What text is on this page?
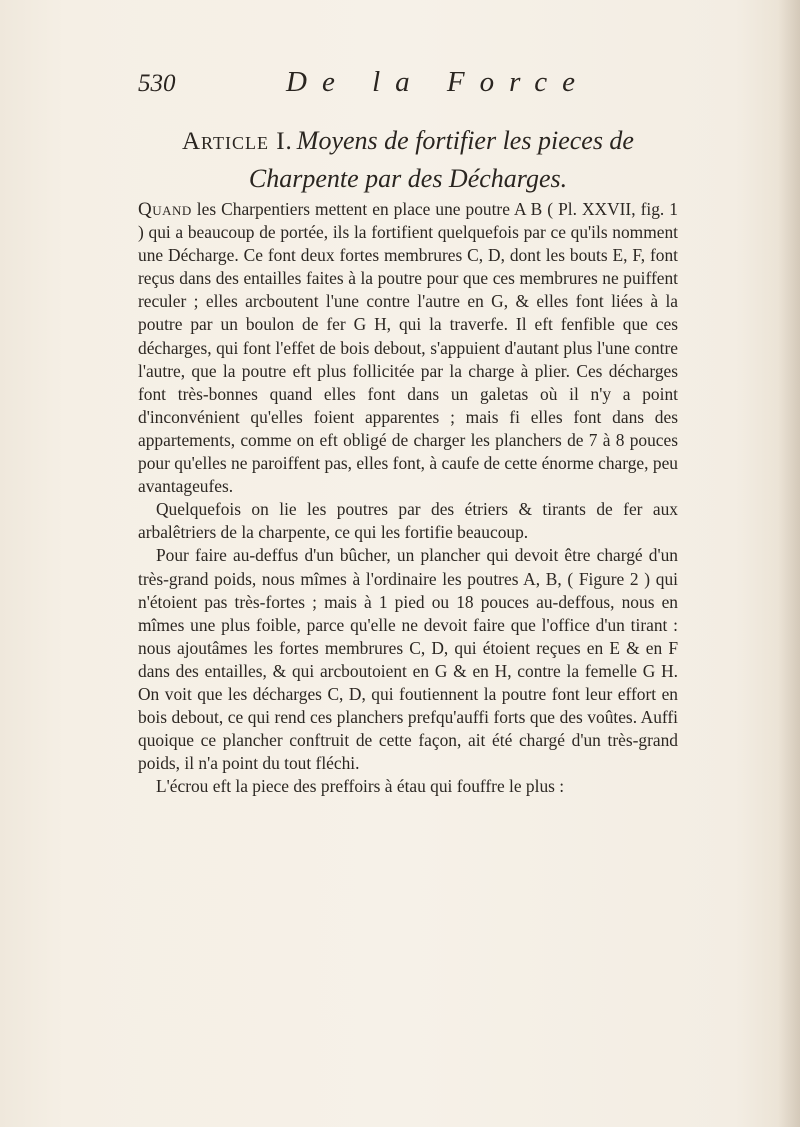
530	De la Force
Article I. Moyens de fortifier les pieces de Charpente par des Décharges.

Quand les Charpentiers mettent en place une poutre A B ( Pl. XXVII, fig. 1 ) qui a beaucoup de portée, ils la fortifient quelquefois par ce qu'ils nomment une Décharge. Ce font deux fortes membrures C, D, dont les bouts E, F, font reçus dans des entailles faites à la poutre pour que ces membrures ne puiffent reculer ; elles arcboutent l'une contre l'autre en G, & elles font liées à la poutre par un boulon de fer G H, qui la traverfe. Il eft fenfible que ces décharges, qui font l'effet de bois debout, s'appuient d'autant plus l'une contre l'autre, que la poutre eft plus follicitée par la charge à plier. Ces décharges font très-bonnes quand elles font dans un galetas où il n'y a point d'inconvénient qu'elles foient apparentes ; mais fi elles font dans des appartements, comme on eft obligé de charger les planchers de 7 à 8 pouces pour qu'elles ne paroiffent pas, elles font, à caufe de cette énorme charge, peu avantageufes.

Quelquefois on lie les poutres par des étriers & tirants de fer aux arbalêtriers de la charpente, ce qui les fortifie beaucoup.

Pour faire au-deffus d'un bûcher, un plancher qui devoit être chargé d'un très-grand poids, nous mîmes à l'ordinaire les poutres A, B, ( Figure 2 ) qui n'étoient pas très-fortes ; mais à 1 pied ou 18 pouces au-deffous, nous en mîmes une plus foible, parce qu'elle ne devoit faire que l'office d'un tirant : nous ajoutâmes les fortes membrures C, D, qui étoient reçues en E & en F dans des entailles, & qui arcboutoient en G & en H, contre la femelle G H. On voit que les décharges C, D, qui foutiennent la poutre font leur effort en bois debout, ce qui rend ces planchers prefqu'auffi forts que des voûtes. Auffi quoique ce plancher conftruit de cette façon, ait été chargé d'un très-grand poids, il n'a point du tout fléchi.

L'écrou eft la piece des preffoirs à étau qui fouffre le plus :
